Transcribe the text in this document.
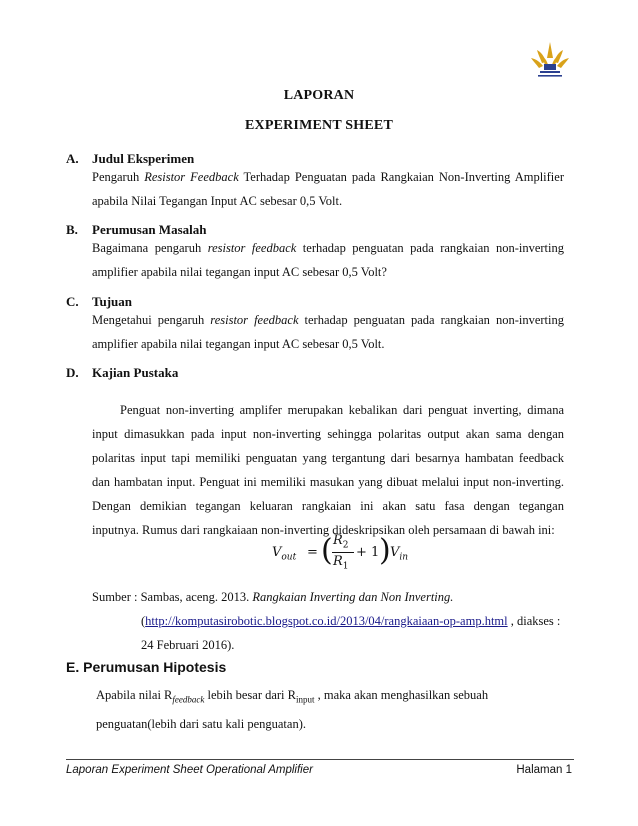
LAPORAN
EXPERIMENT SHEET
A. Judul Eksperimen
Pengaruh Resistor Feedback Terhadap Penguatan pada Rangkaian Non-Inverting Amplifier
apabila Nilai Tegangan Input AC sebesar 0,5 Volt.
B. Perumusan Masalah
Bagaimana pengaruh resistor feedback terhadap penguatan pada rangkaian non-inverting
amplifier apabila nilai tegangan input AC sebesar 0,5 Volt?
C. Tujuan
Mengetahui pengaruh resistor feedback terhadap penguatan pada rangkaian non-inverting
amplifier apabila nilai tegangan input AC sebesar 0,5 Volt.
D. Kajian Pustaka
Penguat non-inverting amplifer merupakan kebalikan dari penguat inverting, dimana
input dimasukkan pada input non-inverting sehingga polaritas output akan sama dengan
polaritas input tapi memiliki penguatan yang tergantung dari besarnya hambatan feedback
dan hambatan input. Penguat ini memiliki masukan yang dibuat melalui input non-inverting.
Dengan demikian tegangan keluaran rangkaian ini akan satu fasa dengan tegangan
inputnya. Rumus dari rangkaiaan non-inverting dideskripsikan oleh persamaan di bawah ini:
$V_{out}$ = ( $R_2$
$R_1$
+ 1 ) $V_{in}$
Sumber : Sambas, aceng. 2013. Rangkaian Inverting dan Non Inverting.
(http://komputasirobotic.blogspot.co.id/2013/04/rangkaiaan-op-amp.html , diakses :
24 Februari 2016).
E. Perumusan Hipotesis
Apabila nilai $R_{feedback}$ lebih besar dari $R_{input}$ , maka akan menghasilkan sebuah
penguatan(lebih dari satu kali penguatan).
Laporan Experiment Sheet Operational Amplifier	Halaman 1
